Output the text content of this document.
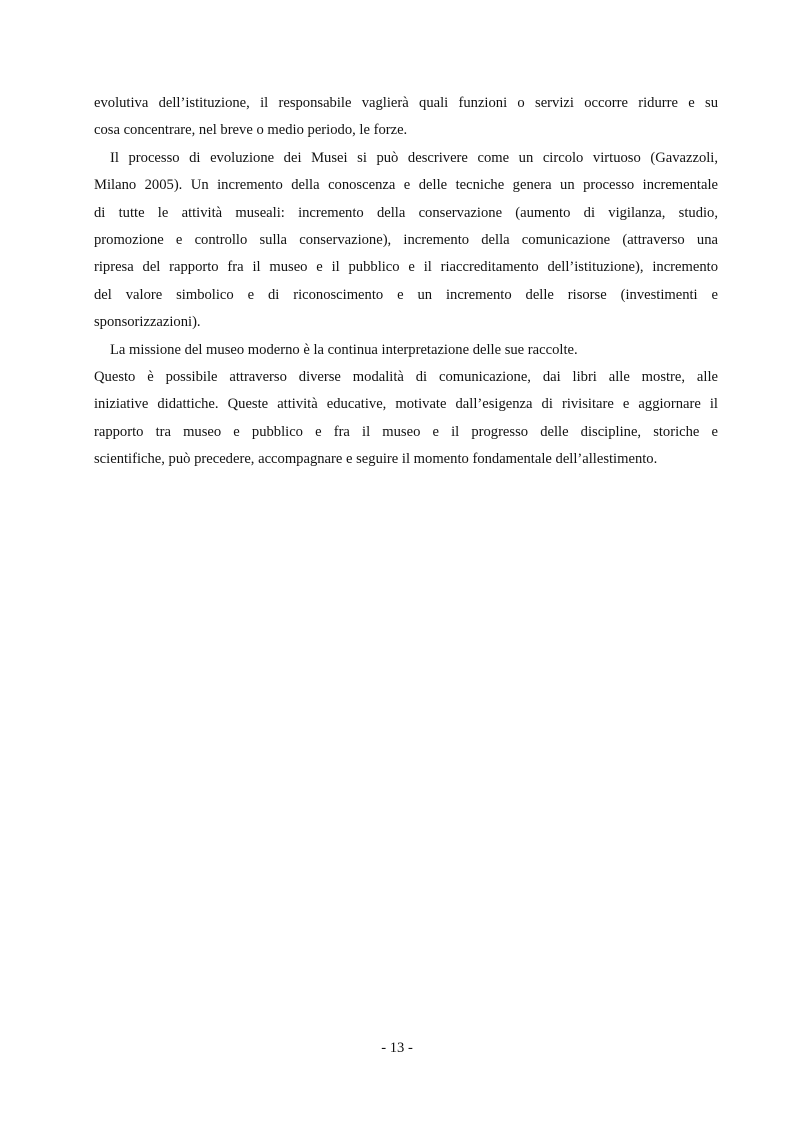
evolutiva dell’istituzione, il responsabile vaglierà quali funzioni o servizi occorre ridurre e su
cosa concentrare, nel breve o medio periodo, le forze.
Il processo di evoluzione dei Musei si può descrivere come un circolo virtuoso (Gavazzoli,
Milano 2005). Un incremento della conoscenza e delle tecniche genera un processo incrementale
di tutte le attività museali: incremento della conservazione (aumento di vigilanza, studio,
promozione e controllo sulla conservazione), incremento della comunicazione (attraverso una
ripresa del rapporto fra il museo e il pubblico e il riaccreditamento dell’istituzione), incremento
del valore simbolico e di riconoscimento e un incremento delle risorse (investimenti e
sponsorizzazioni).
La missione del museo moderno è la continua interpretazione delle sue raccolte.
Questo è possibile attraverso diverse modalità di comunicazione, dai libri alle mostre, alle
iniziative didattiche. Queste attività educative, motivate dall’esigenza di rivisitare e aggiornare il
rapporto tra museo e pubblico e fra il museo e il progresso delle discipline, storiche e
scientifiche, può precedere, accompagnare e seguire il momento fondamentale dell’allestimento.
- 13 -
